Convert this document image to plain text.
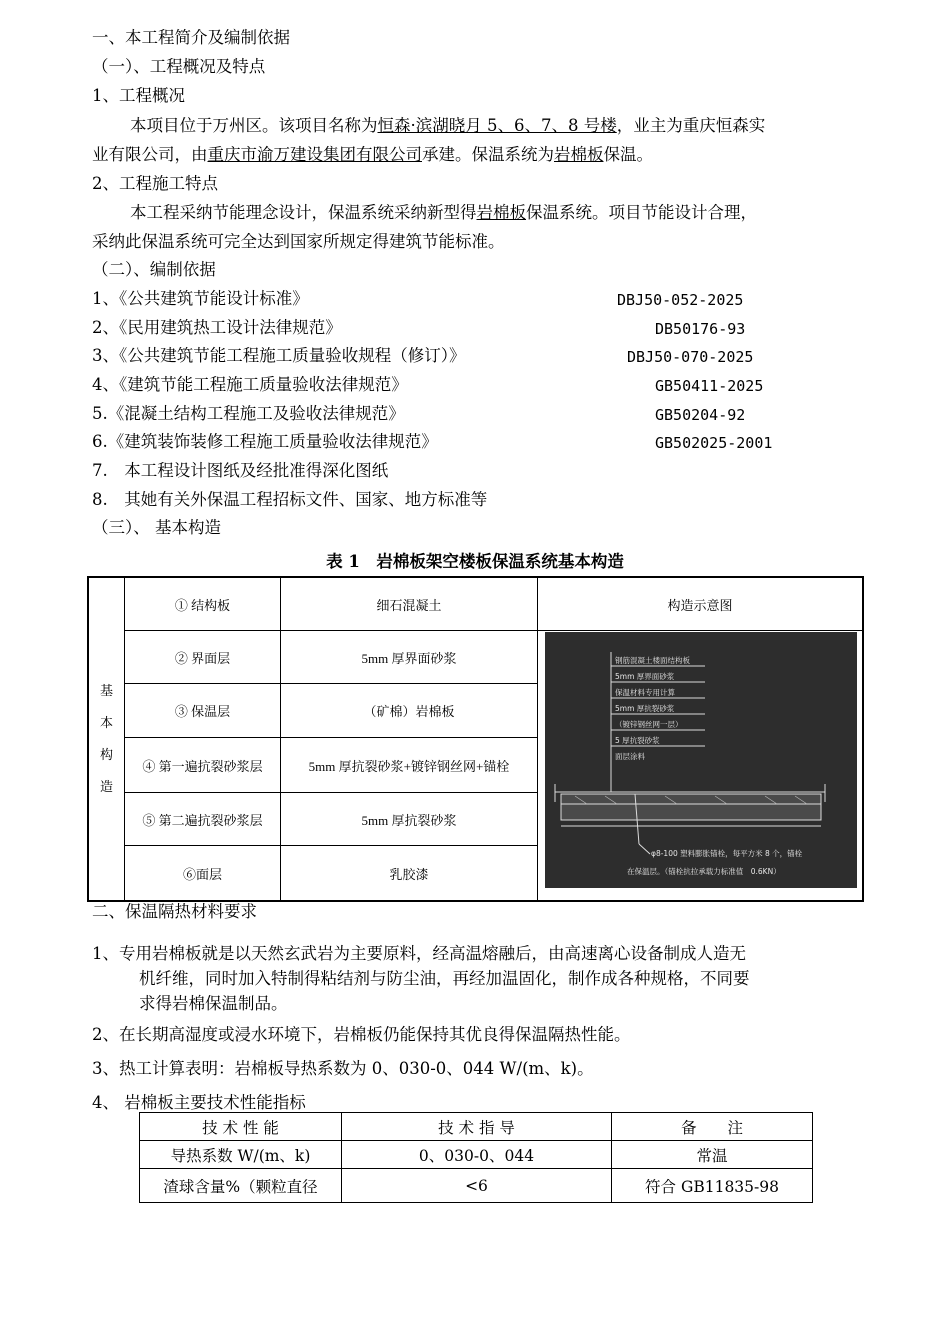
一、本工程简介及编制依据
（一）、工程概况及特点
1、工程概况
本项目位于万州区。该项目名称为恒森·滨湖晓月 5、6、7、8 号楼，业主为重庆恒森实
业有限公司，由重庆市渝万建设集团有限公司承建。保温系统为岩棉板保温。
2、工程施工特点
本工程采纳节能理念设计，保温系统采纳新型得岩棉板保温系统。项目节能设计合理，
采纳此保温系统可完全达到国家所规定得建筑节能标准。
（二）、编制依据
1、《公共建筑节能设计标准》	DBJ50-052-2025
2、《民用建筑热工设计法律规范》	DB50176-93
3、《公共建筑节能工程施工质量验收规程（修订）》	DBJ50-070-2025
4、《建筑节能工程施工质量验收法律规范》	GB50411-2025
5.《混凝土结构工程施工及验收法律规范》	GB50204-92
6.《建筑装饰装修工程施工质量验收法律规范》	GB502025-2001
7.　本工程设计图纸及经批准得深化图纸
8.　其她有关外保温工程招标文件、国家、地方标准等
（三）、 基本构造
表 1　岩棉板架空楼板保温系统基本构造
基
本
构
造
① 结构板	细石混凝土	构造示意图
② 界面层	5mm 厚界面砂浆
③ 保温层	（矿棉）岩棉板
④ 第一遍抗裂砂浆层	5mm 厚抗裂砂浆+镀锌钢丝网+锚栓
⑤ 第二遍抗裂砂浆层	5mm 厚抗裂砂浆
⑥面层	乳胶漆
钢筋混凝土楼面结构板
5mm 厚界面砂浆
保温材料专用计算
5mm 厚抗裂砂浆
（镀锌钢丝网一层）
5 厚抗裂砂浆
面层涂料
φ8-100 塑料膨胀锚栓，每平方米 8 个，锚栓
在保温层。（锚栓抗拉承载力标准值　0.6KN）
二、保温隔热材料要求
1、专用岩棉板就是以天然玄武岩为主要原料，经高温熔融后，由高速离心设备制成人造无
机纤维，同时加入特制得粘结剂与防尘油，再经加温固化，制作成各种规格，不同要
求得岩棉保温制品。
2、在长期高湿度或浸水环境下，岩棉板仍能保持其优良得保温隔热性能。
3、热工计算表明：岩棉板导热系数为 0、030-0、044 W/(m、k)。
4、 岩棉板主要技术性能指标
技 术 性 能	技 术 指 导	备　　注
导热系数 W/(m、k)	0、030-0、044	常温
渣球含量%（颗粒直径	<6	符合 GB11835-98
